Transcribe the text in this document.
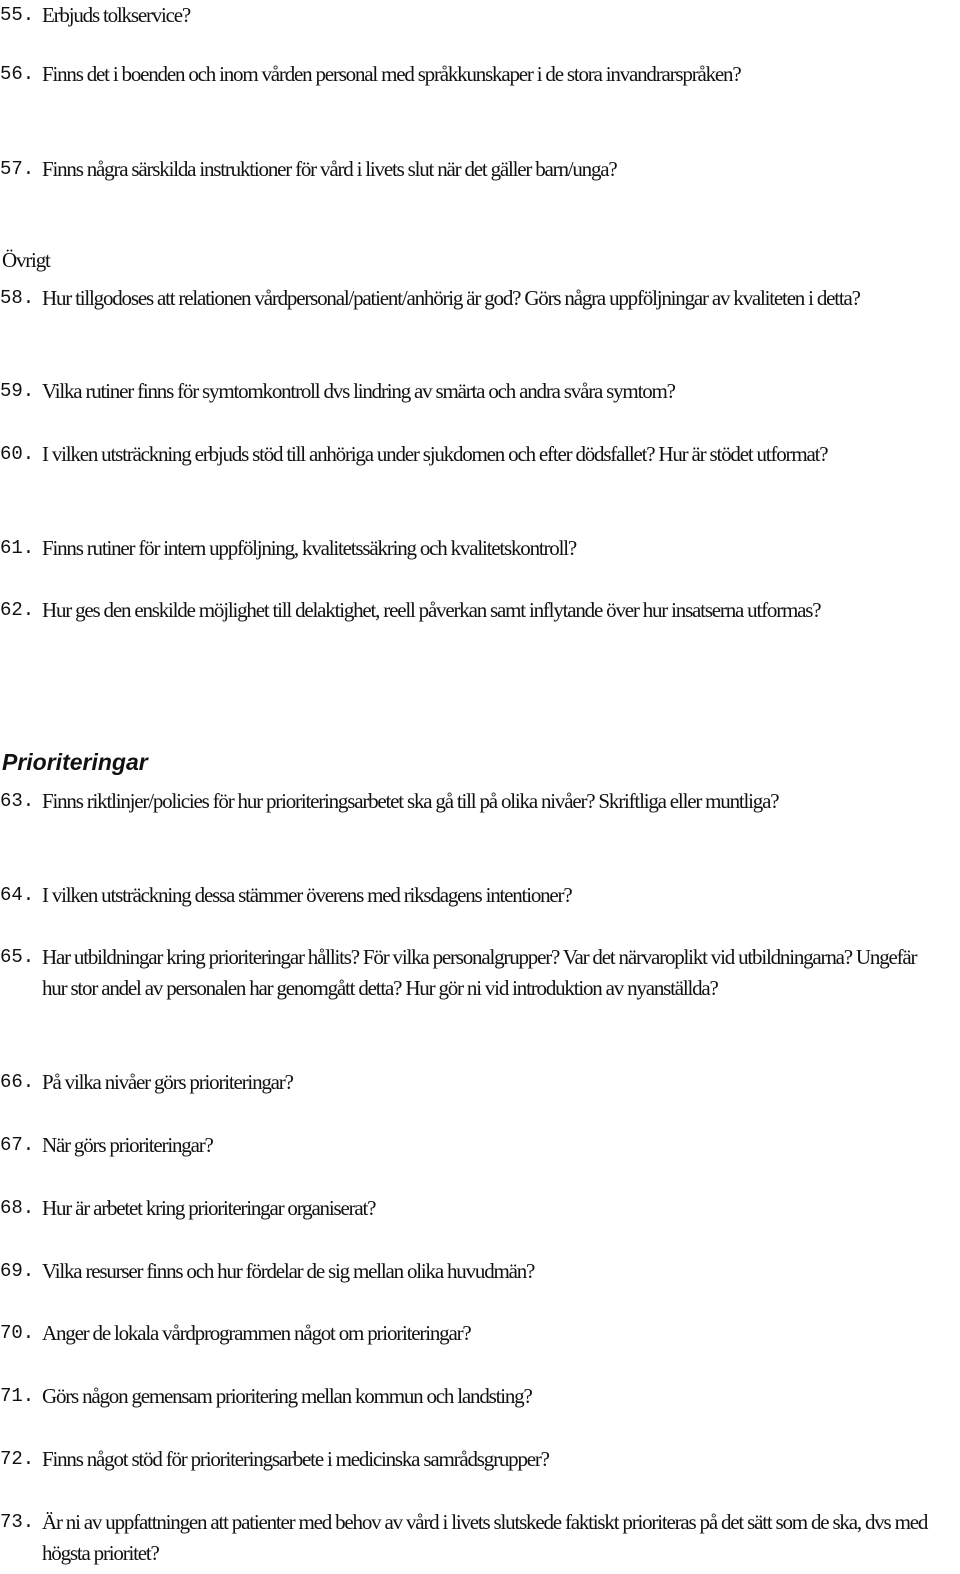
55. Erbjuds tolkservice?
56. Finns det i boenden och inom vården personal med språkkunskaper i de stora invandrarspråken?
57. Finns några särskilda instruktioner för vård i livets slut när det gäller barn/unga?
Övrigt
58. Hur tillgodoses att relationen vårdpersonal/patient/anhörig är god? Görs några uppföljningar av kvaliteten i detta?
59. Vilka rutiner finns för symtomkontroll dvs lindring av smärta och andra svåra symtom?
60. I vilken utsträckning erbjuds stöd till anhöriga under sjukdomen och efter dödsfallet? Hur är stödet utformat?
61. Finns rutiner för intern uppföljning, kvalitetssäkring och kvalitetskontroll?
62. Hur ges den enskilde möjlighet till delaktighet, reell påverkan samt inflytande över hur insatserna utformas?
Prioriteringar
63. Finns riktlinjer/policies för hur prioriteringsarbetet ska gå till på olika nivåer? Skriftliga eller muntliga?
64. I vilken utsträckning dessa stämmer överens med riksdagens intentioner?
65. Har utbildningar kring prioriteringar hållits? För vilka personalgrupper? Var det närvaroplikt vid utbildningarna? Ungefär hur stor andel av personalen har genomgått detta? Hur gör ni vid introduktion av nyanställda?
66. På vilka nivåer görs prioriteringar?
67. När görs prioriteringar?
68. Hur är arbetet kring prioriteringar organiserat?
69. Vilka resurser finns och hur fördelar de sig mellan olika huvudmän?
70. Anger de lokala vårdprogrammen något om prioriteringar?
71. Görs någon gemensam prioritering mellan kommun och landsting?
72. Finns något stöd för prioriteringsarbete i medicinska samrådsgrupper?
73. Är ni av uppfattningen att patienter med behov av vård i livets slutskede faktiskt prioriteras på det sätt som de ska, dvs med högsta prioritet?
